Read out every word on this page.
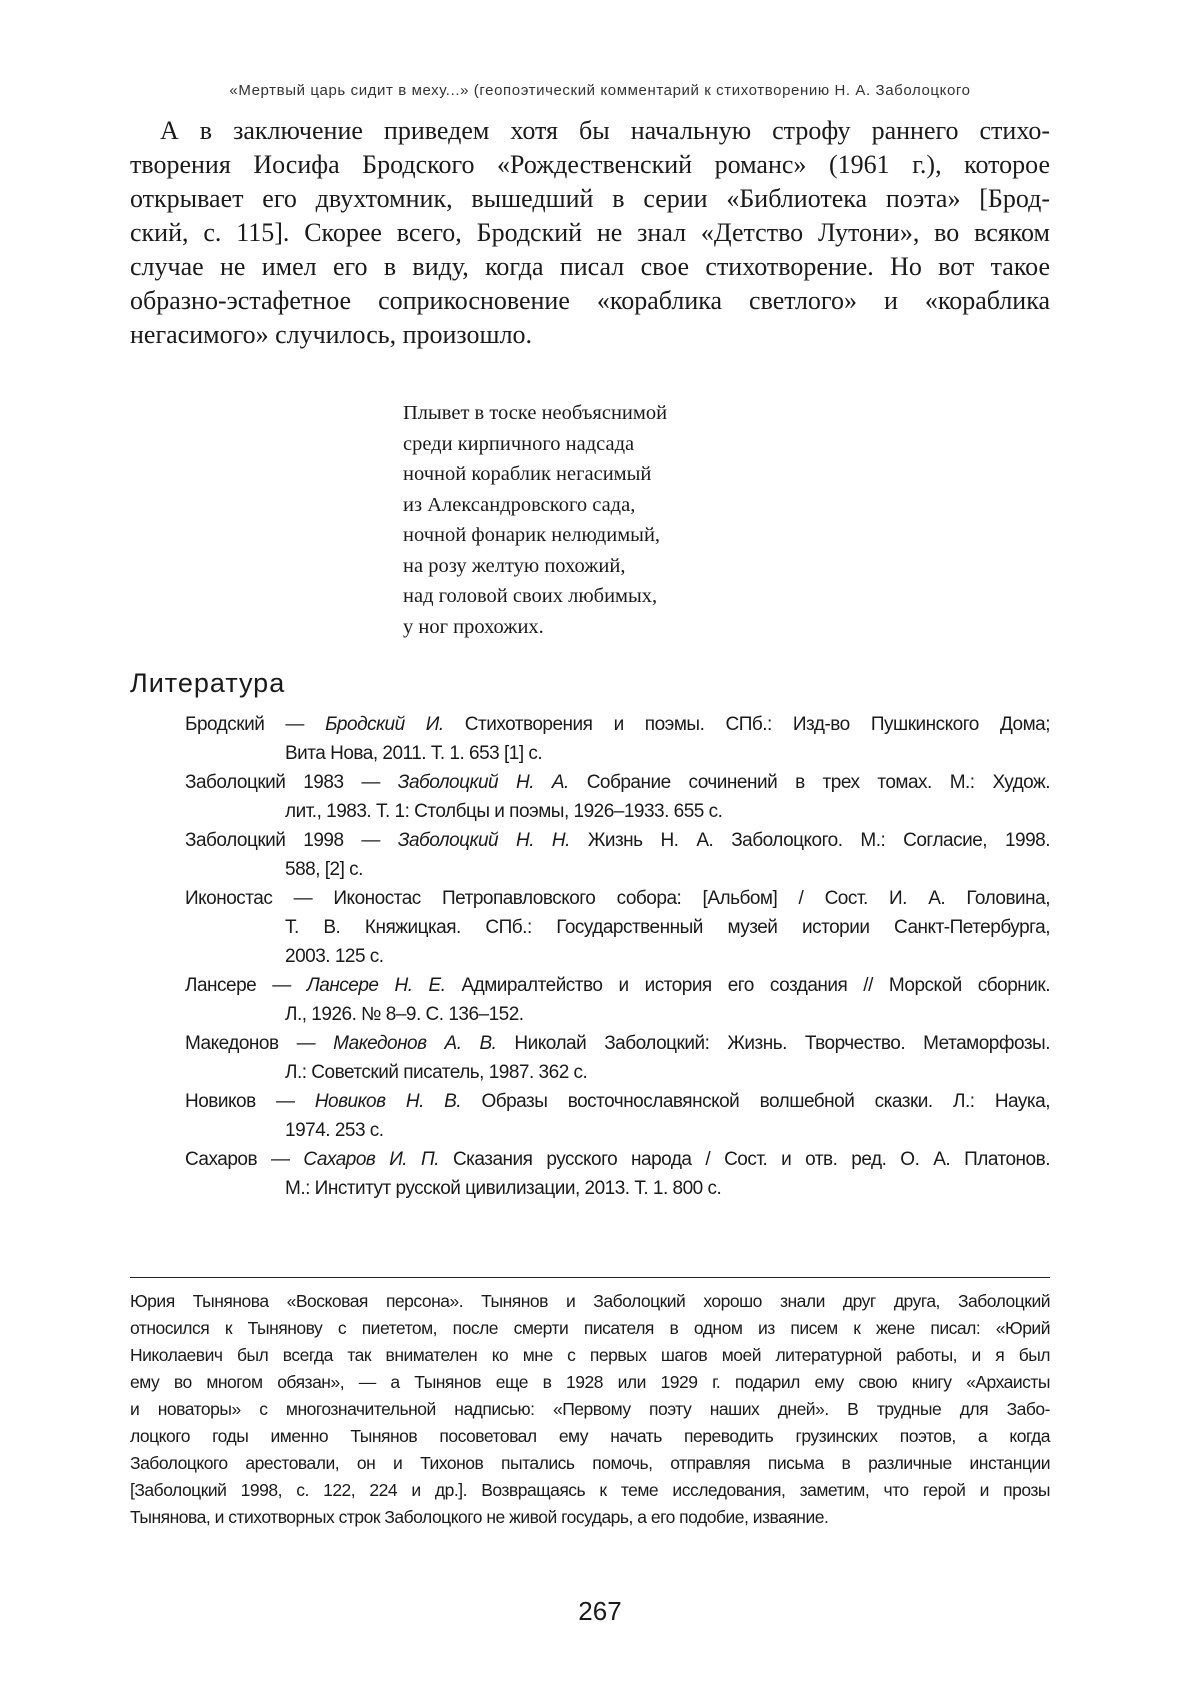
«Мертвый царь сидит в меху...» (геопоэтический комментарий к стихотворению Н. А. Заболоцкого
А в заключение приведем хотя бы начальную строфу раннего стихо-
творения Иосифа Бродского «Рождественский романс» (1961 г.), которое
открывает его двухтомник, вышедший в серии «Библиотека поэта» [Брод-
ский, с. 115]. Скорее всего, Бродский не знал «Детство Лутони», во всяком
случае не имел его в виду, когда писал свое стихотворение. Но вот такое
образно-эстафетное соприкосновение «кораблика светлого» и «кораблика
негасимого» случилось, произошло.
Плывет в тоске необъяснимой
среди кирпичного надсада
ночной кораблик негасимый
из Александровского сада,
ночной фонарик нелюдимый,
на розу желтую похожий,
над головой своих любимых,
у ног прохожих.
Литература
Бродский — Бродский И. Стихотворения и поэмы. СПб.: Изд-во Пушкинского Дома;
Вита Нова, 2011. Т. 1. 653 [1] с.
Заболоцкий 1983 — Заболоцкий Н. А. Собрание сочинений в трех томах. М.: Худож.
лит., 1983. Т. 1: Столбцы и поэмы, 1926–1933. 655 с.
Заболоцкий 1998 — Заболоцкий Н. Н. Жизнь Н. А. Заболоцкого. М.: Согласие, 1998.
588, [2] с.
Иконостас — Иконостас Петропавловского собора: [Альбом] / Сост. И. А. Головина,
Т. В. Княжицкая. СПб.: Государственный музей истории Санкт-Петербурга,
2003. 125 с.
Лансере — Лансере Н. Е. Адмиралтейство и история его создания // Морской сборник.
Л., 1926. № 8–9. С. 136–152.
Македонов — Македонов А. В. Николай Заболоцкий: Жизнь. Творчество. Метаморфозы.
Л.: Советский писатель, 1987. 362 с.
Новиков — Новиков Н. В. Образы восточнославянской волшебной сказки. Л.: Наука,
1974. 253 с.
Сахаров — Сахаров И. П. Сказания русского народа / Сост. и отв. ред. О. А. Платонов.
М.: Институт русской цивилизации, 2013. Т. 1. 800 с.
Юрия Тынянова «Восковая персона». Тынянов и Заболоцкий хорошо знали друг друга, Заболоцкий
относился к Тынянову с пиететом, после смерти писателя в одном из писем к жене писал: «Юрий
Николаевич был всегда так внимателен ко мне с первых шагов моей литературной работы, и я был
ему во многом обязан», — а Тынянов еще в 1928 или 1929 г. подарил ему свою книгу «Архаисты
и новаторы» с многозначительной надписью: «Первому поэту наших дней». В трудные для Забо-
лоцкого годы именно Тынянов посоветовал ему начать переводить грузинских поэтов, а когда
Заболоцкого арестовали, он и Тихонов пытались помочь, отправляя письма в различные инстанции
[Заболоцкий 1998, с. 122, 224 и др.]. Возвращаясь к теме исследования, заметим, что герой и прозы
Тынянова, и стихотворных строк Заболоцкого не живой государь, а его подобие, изваяние.
267
